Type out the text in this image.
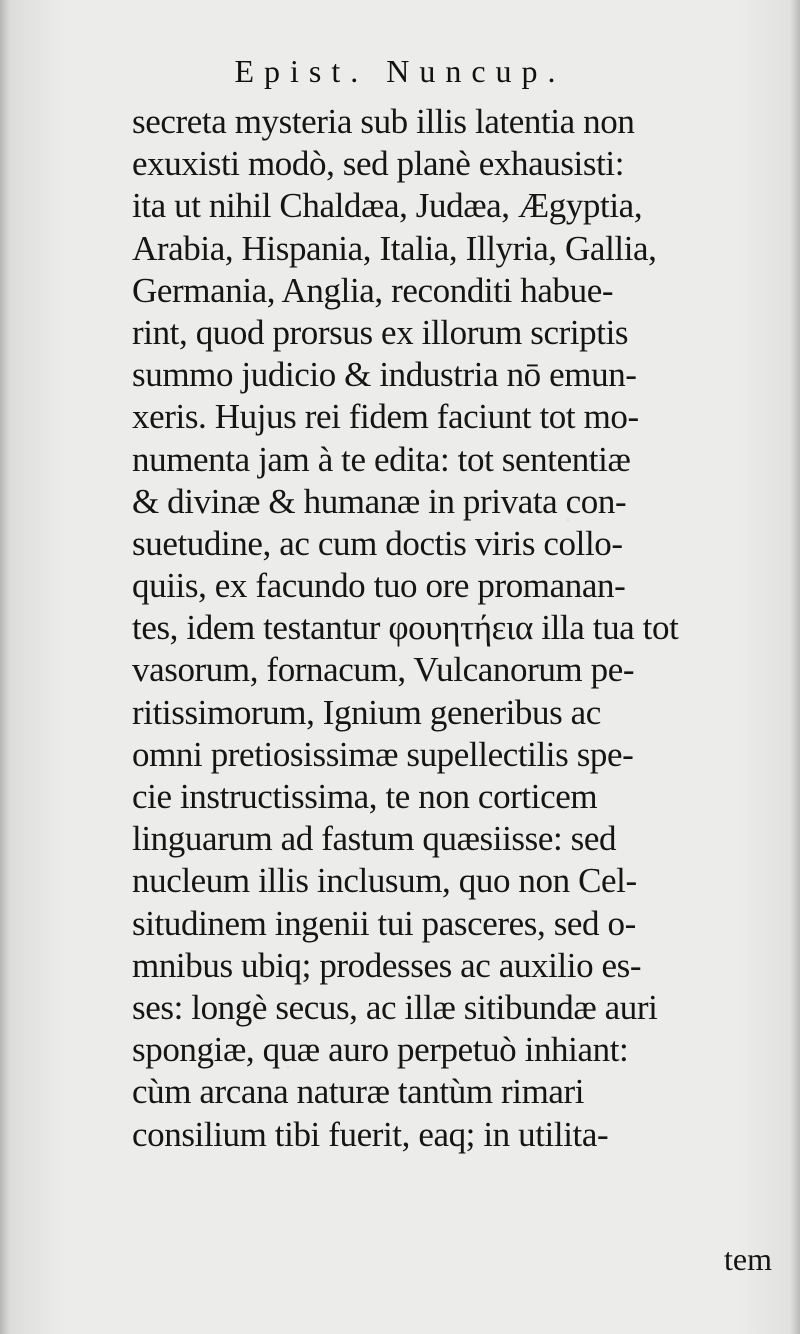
Epist. Nuncup.
secreta mysteria sub illis latentia non
exuxisti modò, sed planè exhausisti:
ita ut nihil Chaldæa, Judæa, Ægyptia,
Arabia, Hispania, Italia, Illyria, Gallia,
Germania, Anglia, reconditi habue-
rint, quod prorsus ex illorum scriptis
summo judicio & industria nō emun-
xeris. Hujus rei fidem faciunt tot mo-
numenta jam à te edita: tot sententiæ
& divinæ & humanæ in privata con-
suetudine, ac cum doctis viris collo-
quiis, ex facundo tuo ore promanan-
tes, idem testantur φουητήεια illa tua tot
vasorum, fornacum, Vulcanorum pe-
ritissimorum, Ignium generibus ac
omni pretiosissimæ supellectilis spe-
cie instructissima, te non corticem
linguarum ad fastum quæsiisse: sed
nucleum illis inclusum, quo non Cel-
situdinem ingenii tui pasceres, sed o-
mnibus ubiq; prodesses ac auxilio es-
ses: longè secus, ac illæ sitibundæ auri
spongiæ, quæ auro perpetuò inhiant:
cùm arcana naturæ tantùm rimari
consilium tibi fuerit, eaq; in utilita-
tem
